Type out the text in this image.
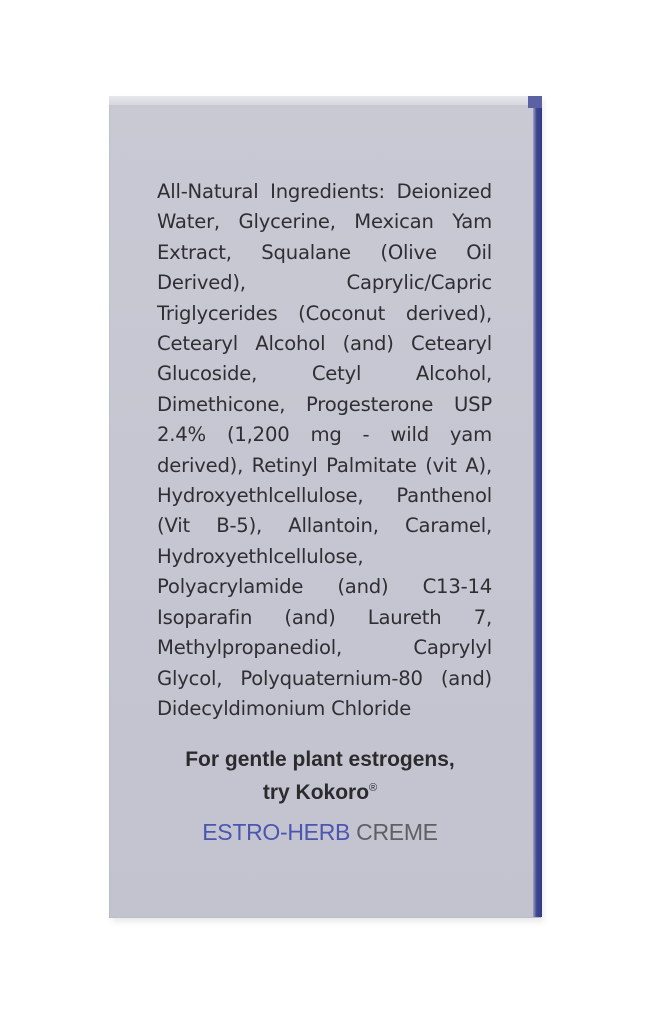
All-Natural Ingredients: Deionized Water, Glycerine, Mexican Yam Extract, Squalane (Olive Oil Derived), Caprylic/Capric Triglycerides (Coconut derived), Cetearyl Alcohol (and) Cetearyl Glucoside, Cetyl Alcohol, Dimethicone, Progesterone USP 2.4% (1,200 mg - wild yam derived), Retinyl Palmitate (vit A), Hydroxyethlcellulose, Panthenol (Vit B-5), Allantoin, Caramel, Hydroxyethlcellulose, Polyacrylamide (and) C13-14 Isoparafin (and) Laureth 7, Methylpropanediol, Caprylyl Glycol, Polyquaternium-80 (and) Didecyldimonium Chloride
For gentle plant estrogens,
try Kokoro®
ESTRO-HERB CREME
